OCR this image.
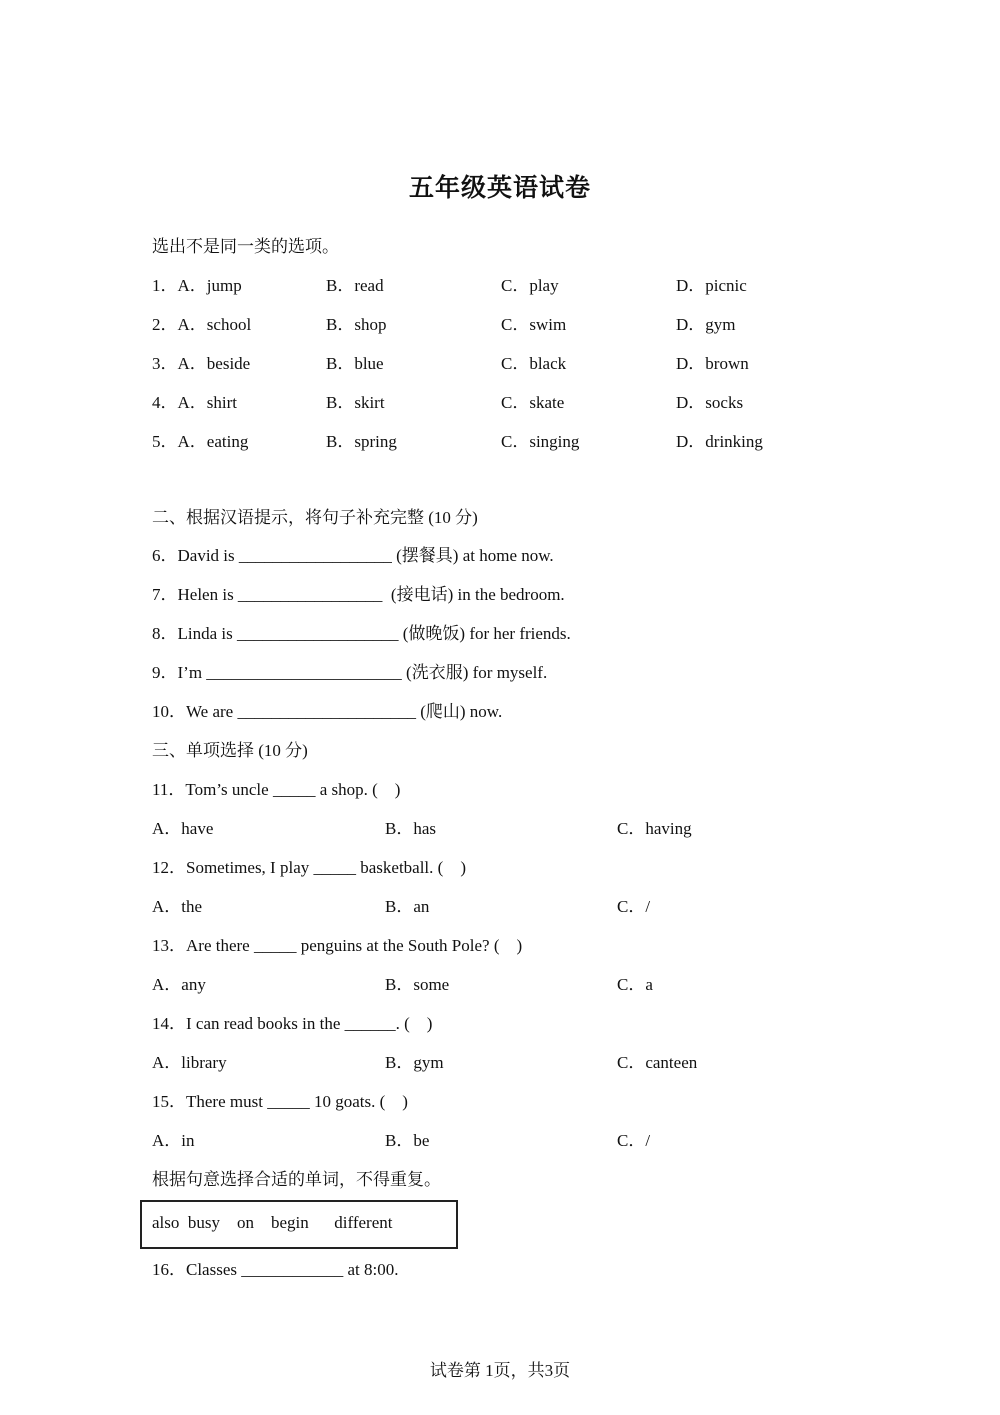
五年级英语试卷
选出不是同一类的选项。
1．A．jump	B．read	C．play	D．picnic
2．A．school	B．shop	C．swim	D．gym
3．A．beside	B．blue	C．black	D．brown
4．A．shirt	B．skirt	C．skate	D．socks
5．A．eating	B．spring	C．singing	D．drinking
二、根据汉语提示，将句子补充完整 (10 分)
6．David is __________________ (摆餐具) at home now.
7．Helen is _________________  (接电话) in the bedroom.
8．Linda is ___________________ (做晚饭) for her friends.
9．I’m _______________________ (洗衣服) for myself.
10．We are _____________________ (爬山) now.
三、单项选择 (10 分)
11．Tom’s uncle _____ a shop. (    )
A．have	B．has	C．having
12．Sometimes, I play _____ basketball. (    )
A．the	B．an	C．/
13．Are there _____ penguins at the South Pole? (    )
A．any	B．some	C．a
14．I can read books in the ______. (    )
A．library	B．gym	C．canteen
15．There must _____ 10 goats. (    )
A．in	B．be	C．/
根据句意选择合适的单词，不得重复。
also  busy    on    begin      different
16．Classes ____________ at 8:00.
试卷第 1页，共3页
